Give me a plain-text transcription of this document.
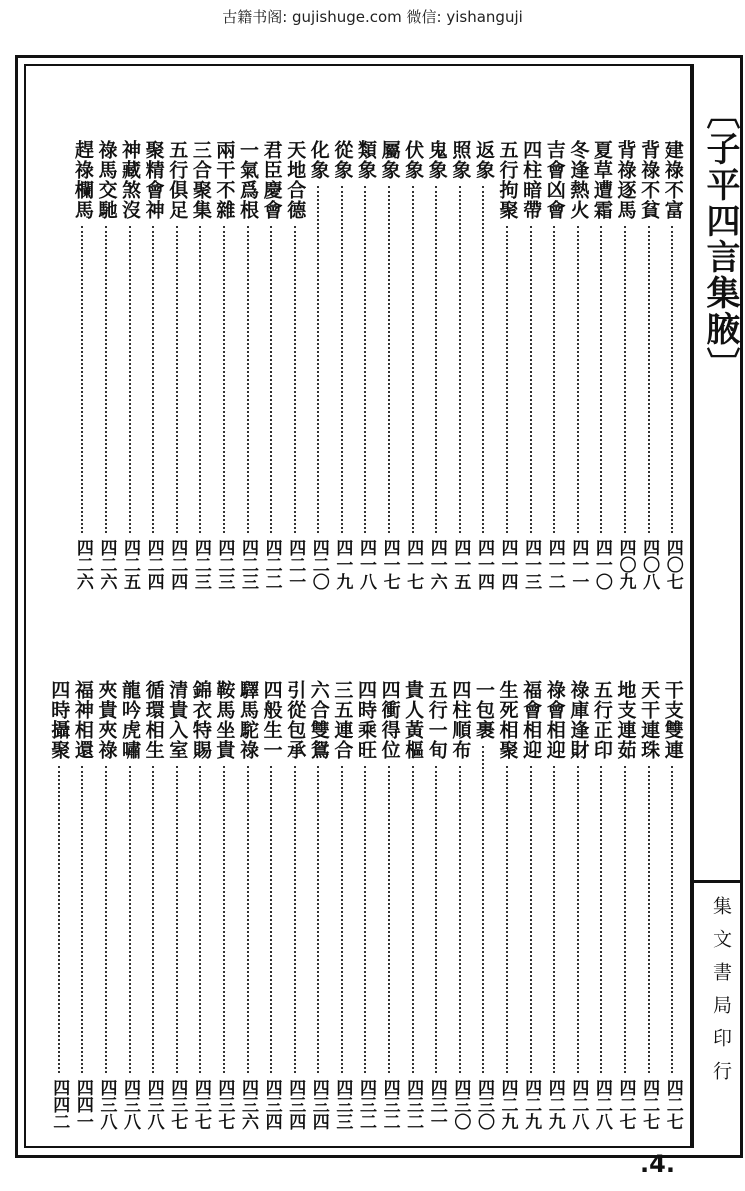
古籍书阁: gujishuge.com 微信: yishanguji
〔子平四言集腋〕
集文書局印行
建祿不富
四〇七
背祿不貧
四〇八
背祿逐馬
四〇九
夏草遭霜
四一〇
冬逢熱火
四一一
吉會凶會
四一二
四柱暗帶
四一三
五行拘聚
四一四
返象
四一四
照象
四一五
鬼象
四一六
伏象
四一七
屬象
四一七
類象
四一八
從象
四一九
化象
四二〇
天地合德
四二一
君臣慶會
四二二
一氣爲根
四二三
兩干不雜
四二三
三合聚集
四二三
五行俱足
四二四
聚精會神
四二四
神藏煞沒
四二五
祿馬交馳
四二六
趕祿欄馬
四二六
干支雙連
四二七
天干連珠
四二七
地支連茹
四二七
五行正印
四二八
祿庫逢財
四二八
祿會相迎
四二九
福會相迎
四二九
生死相聚
四二九
一包裹
四三〇
四柱順布
四三〇
五行一旬
四三一
貴人黃樞
四三二
四衝得位
四三二
四時乘旺
四三二
三五連合
四三三
六合雙鴛
四三四
引從包承
四三四
四般生一
四三四
驛馬駝祿
四三六
鞍馬坐貴
四三七
錦衣特賜
四三七
清貴入室
四三七
循環相生
四三八
龍吟虎嘯
四三八
夾貴夾祿
四三八
福神相還
四四一
四時攝聚
四四二
.4.
